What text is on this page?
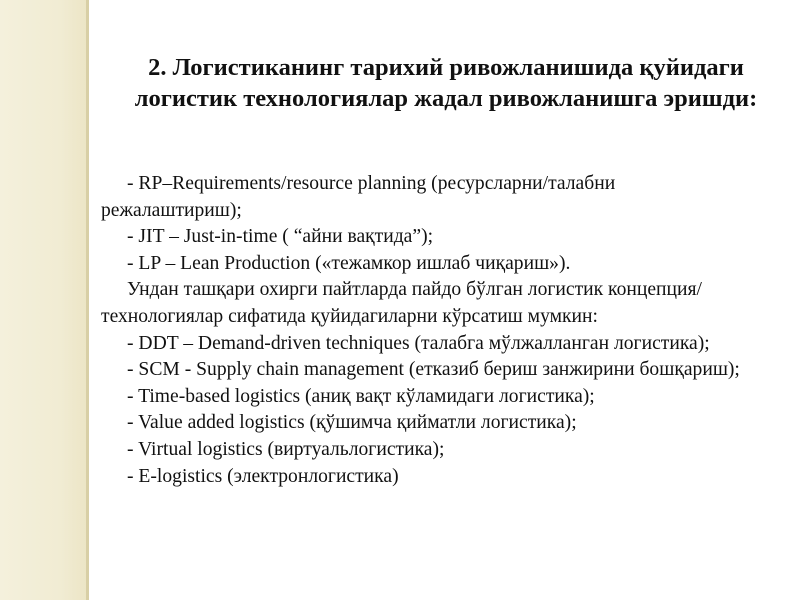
2. Логистиканинг тарихий ривожланишида қуйидаги логистик технологиялар жадал ривожланишга эришди:

- RP–Requirements/resource planning (ресурсларни/талабни режалаштириш);

- JIT – Just-in-time ( “айни вақтида”);

- LP – Lean Production («тежамкор ишлаб чиқариш»).

Ундан ташқари охирги пайтларда пайдо бўлган логистик концепция/технологиялар сифатида қуйидагиларни кўрсатиш мумкин:

- DDT – Demand-driven techniques (талабга мўлжалланган логистика);

- SCM - Supply chain management (етказиб бериш занжирини бошқариш);

- Time-based logistics (аниқ вақт кўламидаги логистика);

- Value added logistics (қўшимча қийматли логистика);

- Virtual logistics (виртуальлогистика);

- E-logistics (электронлогистика)
